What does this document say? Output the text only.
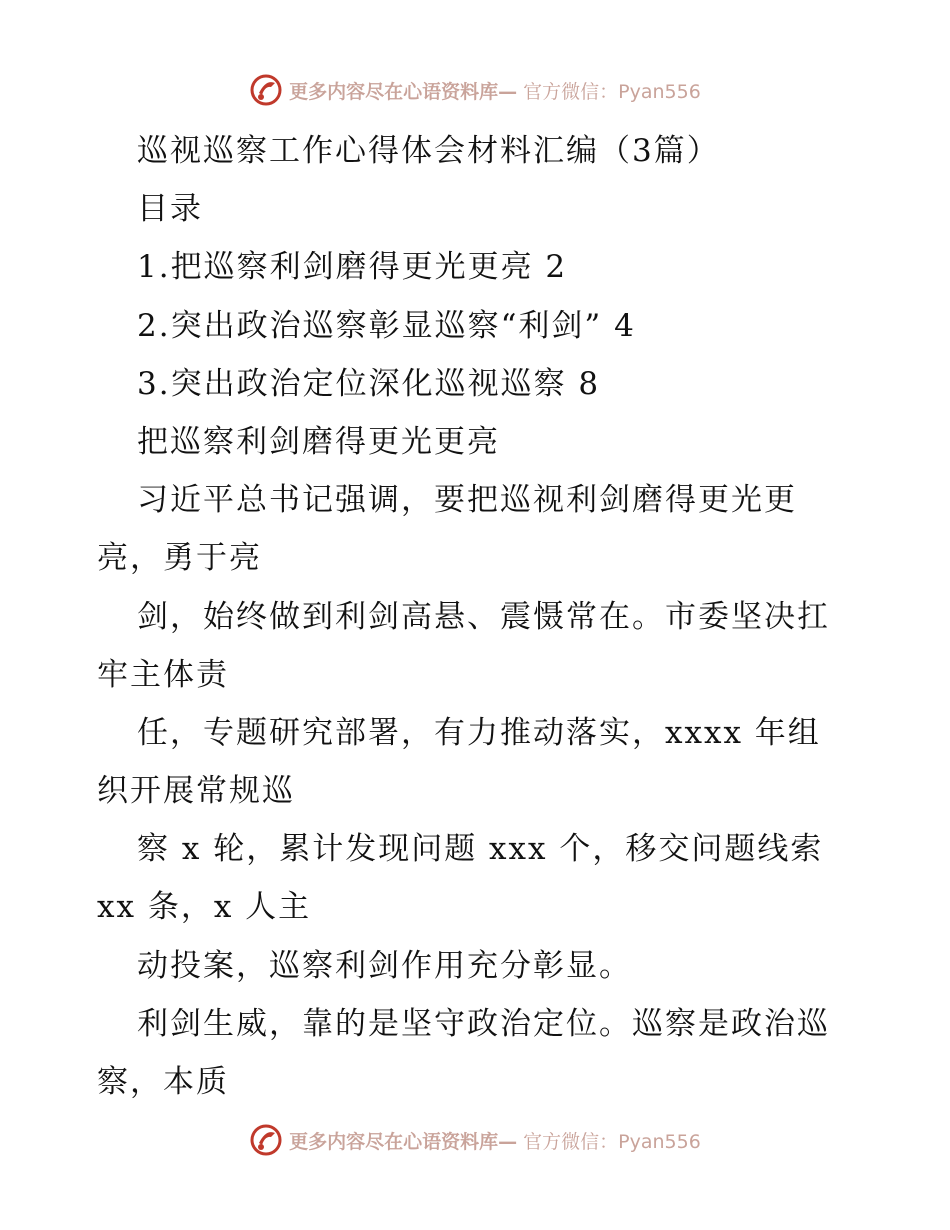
更多内容尽在心语资料库— 官方微信：Pyan556
巡视巡察工作心得体会材料汇编（3篇）
目录
1.把巡察利剑磨得更光更亮 2
2.突出政治巡察彰显巡察“利剑” 4
3.突出政治定位深化巡视巡察 8
把巡察利剑磨得更光更亮
习近平总书记强调，要把巡视利剑磨得更光更
亮，勇于亮
剑，始终做到利剑高悬、震慑常在。市委坚决扛
牢主体责
任，专题研究部署，有力推动落实，xxxx 年组
织开展常规巡
察 x 轮，累计发现问题 xxx 个，移交问题线索
xx 条，x 人主
动投案，巡察利剑作用充分彰显。
利剑生威，靠的是坚守政治定位。巡察是政治巡
察，本质
更多内容尽在心语资料库— 官方微信：Pyan556
